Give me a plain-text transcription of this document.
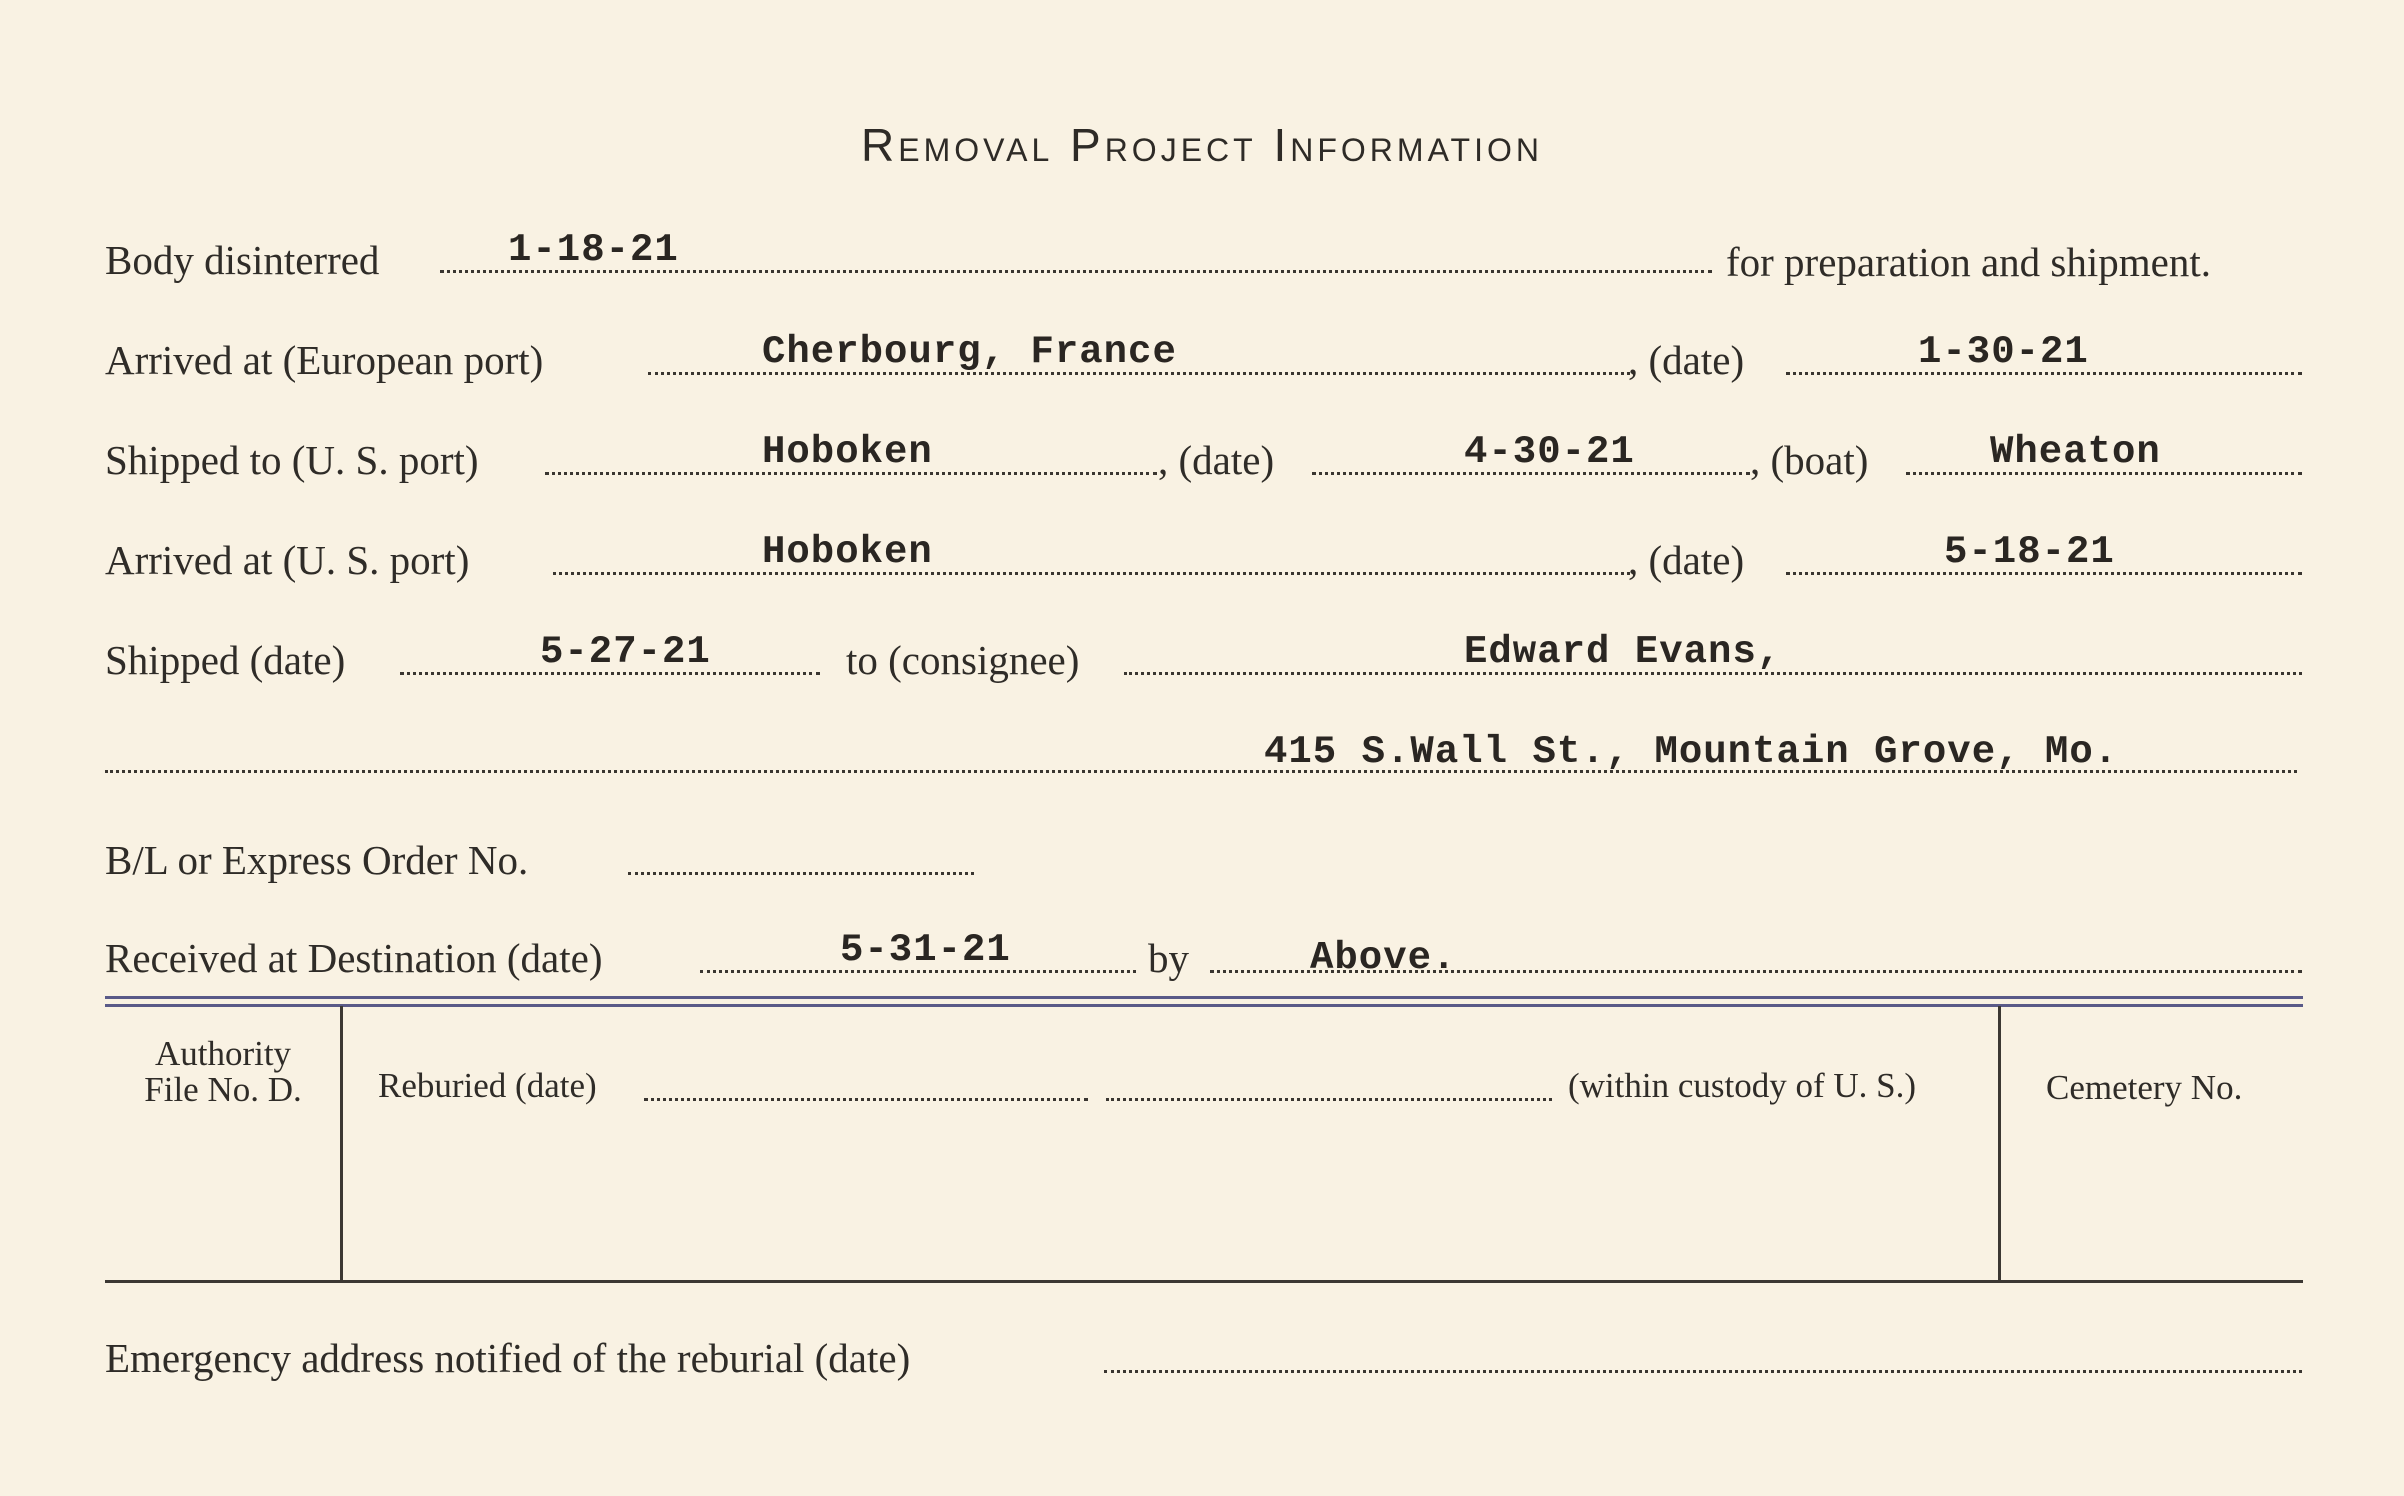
Removal Project Information
Body disinterred	1-18-21	for preparation and shipment.
Arrived at (European port)	Cherbourg, France	, (date)	1-30-21
Shipped to (U. S. port)	Hoboken	, (date)	4-30-21	, (boat)	Wheaton
Arrived at (U. S. port)	Hoboken	, (date)	5-18-21
Shipped (date)	5-27-21	to (consignee)	Edward Evans,
415 S.Wall St., Mountain Grove, Mo.
B/L or Express Order No.
Received at Destination (date)	5-31-21	by	Above.
Authority
File No. D.	Reburied (date)	(within custody of U. S.)	Cemetery No.
Emergency address notified of the reburial (date)
